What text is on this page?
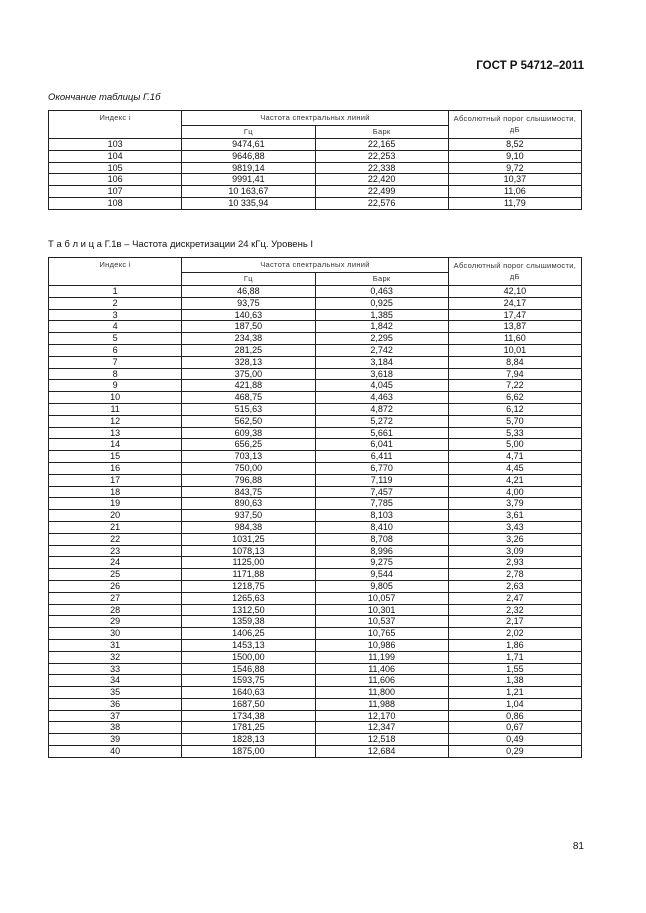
ГОСТ Р 54712–2011
Окончание таблицы Г.1б
Индекс i	Частота спектральных линий		Абсолютный порог слышимости, дБ
	Гц	Барк	
103	9474,61	22,165	8,52
104	9646,88	22,253	9,10
105	9819,14	22,338	9,72
106	9991,41	22,420	10,37
107	10 163,67	22,499	11,06
108	10 335,94	22,576	11,79
Т а б л и ц а Г.1в – Частота дискретизации 24 кГц. Уровень I
Индекс i	Частота спектральных линий		Абсолютный порог слышимости, дБ
	Гц	Барк	
1	46,88	0,463	42,10
2	93,75	0,925	24,17
3	140,63	1,385	17,47
4	187,50	1,842	13,87
5	234,38	2,295	11,60
6	281,25	2,742	10,01
7	328,13	3,184	8,84
8	375,00	3,618	7,94
9	421,88	4,045	7,22
10	468,75	4,463	6,62
11	515,63	4,872	6,12
12	562,50	5,272	5,70
13	609,38	5,661	5,33
14	656,25	6,041	5,00
15	703,13	6,411	4,71
16	750,00	6,770	4,45
17	796,88	7,119	4,21
18	843,75	7,457	4,00
19	890,63	7,785	3,79
20	937,50	8,103	3,61
21	984,38	8,410	3,43
22	1031,25	8,708	3,26
23	1078,13	8,996	3,09
24	1125,00	9,275	2,93
25	1171,88	9,544	2,78
26	1218,75	9,805	2,63
27	1265,63	10,057	2,47
28	1312,50	10,301	2,32
29	1359,38	10,537	2,17
30	1406,25	10,765	2,02
31	1453,13	10,986	1,86
32	1500,00	11,199	1,71
33	1546,88	11,406	1,55
34	1593,75	11,606	1,38
35	1640,63	11,800	1,21
36	1687,50	11,988	1,04
37	1734,38	12,170	0,86
38	1781,25	12,347	0,67
39	1828,13	12,518	0,49
40	1875,00	12,684	0,29
81
